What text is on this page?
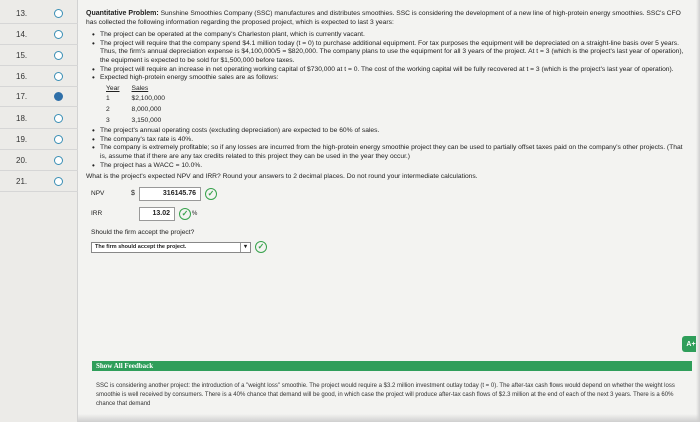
13.
14.
15.
16.
17.
18.
19.
20.
21.
Quantitative Problem: Sunshine Smoothies Company (SSC) manufactures and distributes smoothies. SSC is considering the development of a new line of high-protein energy smoothies. SSC's CFO has collected the following information regarding the proposed project, which is expected to last 3 years:
• The project can be operated at the company's Charleston plant, which is currently vacant.
• The project will require that the company spend $4.1 million today (t = 0) to purchase additional equipment. For tax purposes the equipment will be depreciated on a straight-line basis over 5 years. Thus, the firm's annual depreciation expense is $4,100,000/5 = $820,000. The company plans to use the equipment for all 3 years of the project. At t = 3 (which is the project's last year of operation), the equipment is expected to be sold for $1,500,000 before taxes.
• The project will require an increase in net operating working capital of $730,000 at t = 0. The cost of the working capital will be fully recovered at t = 3 (which is the project's last year of operation).
• Expected high-protein energy smoothie sales are as follows:
Year	Sales
1	$2,100,000
2	8,000,000
3	3,150,000
• The project's annual operating costs (excluding depreciation) are expected to be 60% of sales.
• The company's tax rate is 40%.
• The company is extremely profitable; so if any losses are incurred from the high-protein energy smoothie project they can be used to partially offset taxes paid on the company's other projects. (That is, assume that if there are any tax credits related to this project they can be used in the year they occur.)
• The project has a WACC = 10.0%.
What is the project's expected NPV and IRR? Round your answers to 2 decimal places. Do not round your intermediate calculations.
NPV	$	316145.76	✓
IRR	13.02	✓ %
Should the firm accept the project?
The firm should accept the project.	▾	✓
Show All Feedback
SSC is considering another project: the introduction of a "weight loss" smoothie. The project would require a $3.2 million investment outlay today (t = 0). The after-tax cash flows would depend on whether the weight loss smoothie is well received by consumers. There is a 40% chance that demand will be good, in which case the project will produce after-tax cash flows of $2.3 million at the end of each of the next 3 years. There is a 60% chance that demand
A+
